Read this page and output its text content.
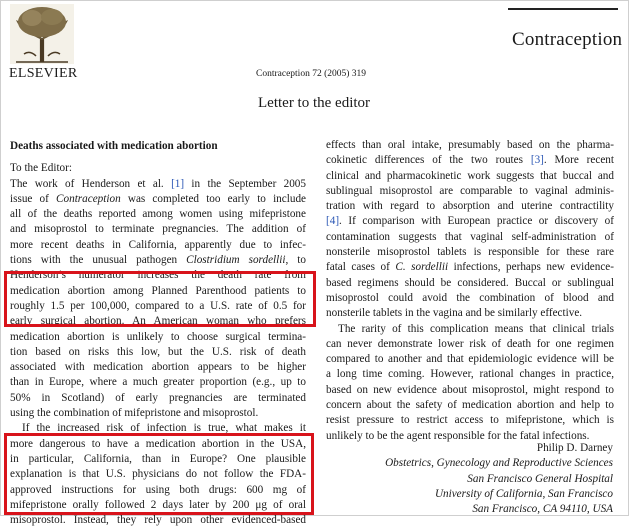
Contraception
ELSEVIER	Contraception 72 (2005) 319
Letter to the editor
Deaths associated with medication abortion
To the Editor:
The work of Henderson et al. [1] in the September 2005
issue of Contraception was completed too early to include
all of the deaths reported among women using mifepristone
and misoprostol to terminate pregnancies. The addition of
more recent deaths in California, apparently due to infec-
tions with the unusual pathogen Clostridium sordellii, to
Henderson’s numerator increases the death rate from
medication abortion among Planned Parenthood patients to
roughly 1.5 per 100,000, compared to a U.S. rate of 0.5 for
early surgical abortion. An American woman who prefers
medication abortion is unlikely to choose surgical termina-
tion based on risks this low, but the U.S. risk of death
associated with medication abortion appears to be higher
than in Europe, where a much greater proportion (e.g., up to
50% in Scotland) of early pregnancies are terminated
using the combination of mifepristone and misoprostol.
If the increased risk of infection is true, what makes it
more dangerous to have a medication abortion in the USA,
in particular, California, than in Europe? One plausible
explanation is that U.S. physicians do not follow the FDA-
approved instructions for using both drugs: 600 mg of
mifepristone orally followed 2 days later by 200 μg of oral
misoprostol. Instead, they rely upon other evidenced-based
effects than oral intake, presumably based on the pharma-
cokinetic differences of the two routes [3]. More recent
clinical and pharmacokinetic work suggests that buccal and
sublingual misoprostol are comparable to vaginal adminis-
tration with regard to absorption and uterine contractility
[4]. If comparison with European practice or discovery of
contamination suggests that vaginal self-administration of
nonsterile misoprostol tablets is responsible for these rare
fatal cases of C. sordellii infections, perhaps new evidence-
based regimens should be considered. Buccal or sublingual
misoprostol could avoid the combination of blood and
nonsterile tablets in the vagina and be similarly effective.
The rarity of this complication means that clinical trials
can never demonstrate lower risk of death for one regimen
compared to another and that epidemiologic evidence will be
a long time coming. However, rational changes in practice,
based on new evidence about misoprostol, might respond to
concern about the safety of medication abortion and help to
resist pressure to restrict access to mifepristone, which is
unlikely to be the agent responsible for the fatal infections.
Philip D. Darney
Obstetrics, Gynecology and Reproductive Sciences
San Francisco General Hospital
University of California, San Francisco
San Francisco, CA 94110, USA
